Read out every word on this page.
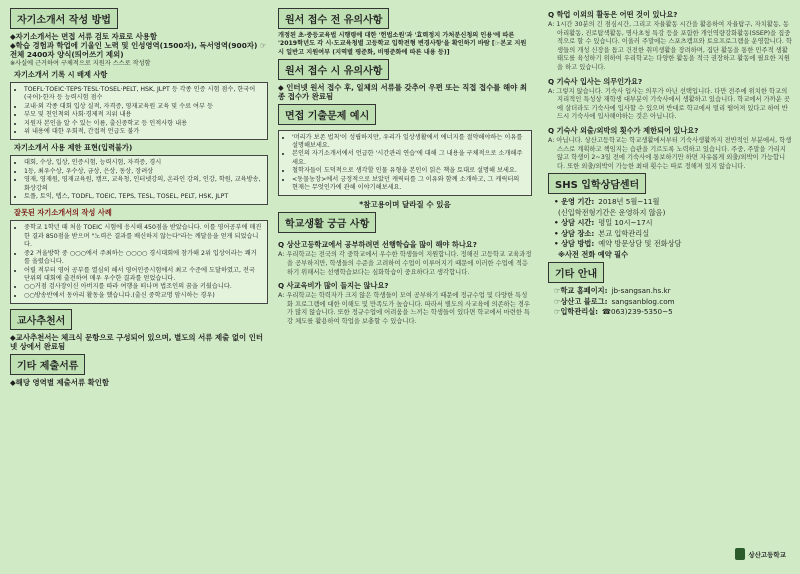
자기소개서 작성 방법
◆자기소개서는 면접 서류 검토 자료로 사용함
◆학습 경험과 학업에 기울인 노력 및 인성영역(1500자), 독서영역(900자) ☞ 전체 2400자 양식(띄어쓰기 제외)
※사실에 근거하여 구체적으로 지원자 스스로 작성함
자기소개서 기록 시 배제 사항
• TOEFL·TOEIC·TEPS·TESL·TOSEL·PELT, HSK, JLPT 등 각종 인증 시험 점수, 한국어(국어)·한자 등 능력시험 점수
• 교내·외 각종 대회 입상 실적, 자격증, 영재교육원 교육 및 수료 여부 등
• 부모 및 친인척의 사회·경제적 지위 내용
• 지원자 본인을 알 수 있는 이름, 출신중학교 등 인적사항 내용
• 위 내용에 대한 우회적, 간접적 언급도 불가
자기소개서 사용 제한 표현(입력불가)
• 대회, 수상, 입상, 인증시험, 능력시험, 자격증, 경시
• 1등, 최우수상, 우수상, 금상, 은상, 동상, 장려상
• 영재, 영재원, 영재교육원, 캠프, 교육청, 인터넷강의, 온라인 강의, 인강, 학원, 교육방송, 화상강의
• 토플, 토익, 텝스, TODFL, TOEIC, TEPS, TESL, TOSEL, PELT, HSK, JLPT
잘못된 자기소개서의 작성 사례
• 중학교 1학년 때 처음 TOEIC 시험에 응시해 450점을 받았습니다. 이를 영어공부에 매진한 결과 850점을 받으며 "노력은 결과를 배신하지 않는다"라는 깨달음을 얻게 되었습니다.
• 중2 겨울방학 중 ○○○에서 주최하는 ○○○○ 경시대회에 참가해 2위 입상이라는 쾌거를 올렸습니다.
• 어릴 적부터 영어 공부를 열심히 해서 영어인증시험에서 최고 수준에 도달하였고, 전국 단위의 대회에 출전하여 매우 우수한 결과를 얻었습니다.
• ○○거점 검사장이신 아버지를 따라 여행을 떠나며 법조인의 꿈을 키웠습니다.
• ○○방송반에서 동아리 활동을 했습니다.(출신 중학교명 암시하는 경우)
교사추천서
◆교사추천서는 체크식 문항으로 구성되어 있으며, 별도의 서류 제출 없이 인터넷 상에서 완료됨
기타 제출서류
◆해당 영역별 제출서류 확인함
원서 접수 전 유의사항
개정된 초·중등교육법 시행령에 대한 '헌법소원'과 '효력정지 가처분신청의 인용'에 따른 '2019학년도 각 시·도교육청별 고등학교 입학전형 변경사항'을 확인하기 바람 [☞본교 지원 시 일반고 지원여부 (지역별 평준화, 비평준화에 따른 내용 등)]
원서 접수 시 유의사항
◆ 인터넷 원서 접수 후, 일체의 서류를 갖추어 우편 또는 직접 접수를 해야 최종 접수가 완료됨
면접 기출문제 예시
• '머리가 보존 법칙'이 성립하지만, 우리가 일상생활에서 에너지를 절약해야하는 이유를 설명해보세요.
• 본인의 자기소개서에서 언급한 '시간관리 연습'에 대해 그 내용을 구체적으로 소개해주세요.
• 철학자들이 도덕적으로 생각할 인물 유형을 본인이 읽은 책을 토대로 설명해 보세요.
• <동물농장>에서 긍정적으로 보았던 캐릭터를 그 이유와 함께 소개하고, 그 캐릭터의 현재는 무엇인가에 관해 이야기해보세요.
*참고용이며 달라질 수 있음
학교생활 궁금 사항
Q 상산고등학교에서 공부하려면 선행학습을 많이 해야 하나요?
A: 우리학교는 전국의 각 중학교에서 우수한 학생들이 지원합니다. 정해진 고등학교 교육과정을 공부하지만, 학생들의 수준을 고려하여 수업이 이루어지기 때문에 이러한 수업에 적응하기 위해서는 선행학습보다는 심화학습이 중요하다고 생각합니다.
Q 사교육비가 많이 들지는 않나요?
A: 우리학교는 학력자가 크지 않은 학생들이 모여 공부하기 때문에 정규수업 및 다양한 특성화 프로그램에 대한 이해도 및 만족도가 높습니다. 따라서 별도의 사교육에 의존하는 경우가 많지 않습니다. 또한 정규수업에 어려움을 느끼는 학생들이 있다면 학교에서 마련한 특강 체도를 활용하여 학업을 보충할 수 있습니다.
Q 학업 이외의 활동은 어떤 것이 있나요?
A: 1시간 30분의 긴 점심시간, 그리고 자율활동 시간을 활용하여 자율탐구, 자치활동, 동아리활동, 진로탐색활동, 명사초청 특강 등을 포함한 개인역량강화활동(SSEP)을 집중적으로 할 수 있습니다. 이울러 주말에는 스포츠캠프와 토요프로그램을 운영합니다. 학생들의 개성 신장을 돕고 건전한 취미생활을 장려하며, 집단 활동을 통한 민주적 생활 태도를 육성하기 위하여 우리학교는 다양한 활동을 적극 권장하고 활동에 필요한 지원을 하고 있습니다.
Q 기숙사 입사는 의무인가요?
A: 그렇지 않습니다. 기숙사 입사는 의무가 아닌 선택입니다. 다만 전주에 위치한 학교의 지리적인 특성상 재학생 대부분이 기숙사에서 생활하고 있습니다. 학교에서 가까운 곳에 살더라도 기숙사에 입사할 수 있으며 반대로 학교에서 멀리 떨어져 있다고 하여 반드시 기숙사에 입사해야하는 것은 아닙니다.
Q 기숙사 외출/외박의 횟수가 제한되어 있나요?
A: 아닙니다. 상산고등학교는 학교생활에서부터 기숙사생활까지 전반적인 부분에서, 학생 스스로 계획하고 책임지는 습관을 기르도록 노력하고 있습니다. 주중, 주말을 가리지 않고 학생이 2~3일 전에 기숙사에 통보하기만 하면 자유롭게 외출/외박이 가능합니다. 또한 외출/외박이 가능한 최대 횟수는 따로 정해져 있지 않습니다.
SHS 입학상담센터
• 운영 기간: 2018년 5월~11월
(신입학전형기간은 운영하지 않음)
• 상담 시간: 평일 10시~17시
• 상담 장소: 본교 입학관리실
• 상담 방법: 예약 방문상담 및 전화상담
※사전 전화 예약 필수
기타 안내
☞학교 홈페이지: jb-sangsan.hs.kr
☞상산고 블로그: sangsanblog.com
☞입학관리실: ☎063)239-5350~5
상산고등학교
